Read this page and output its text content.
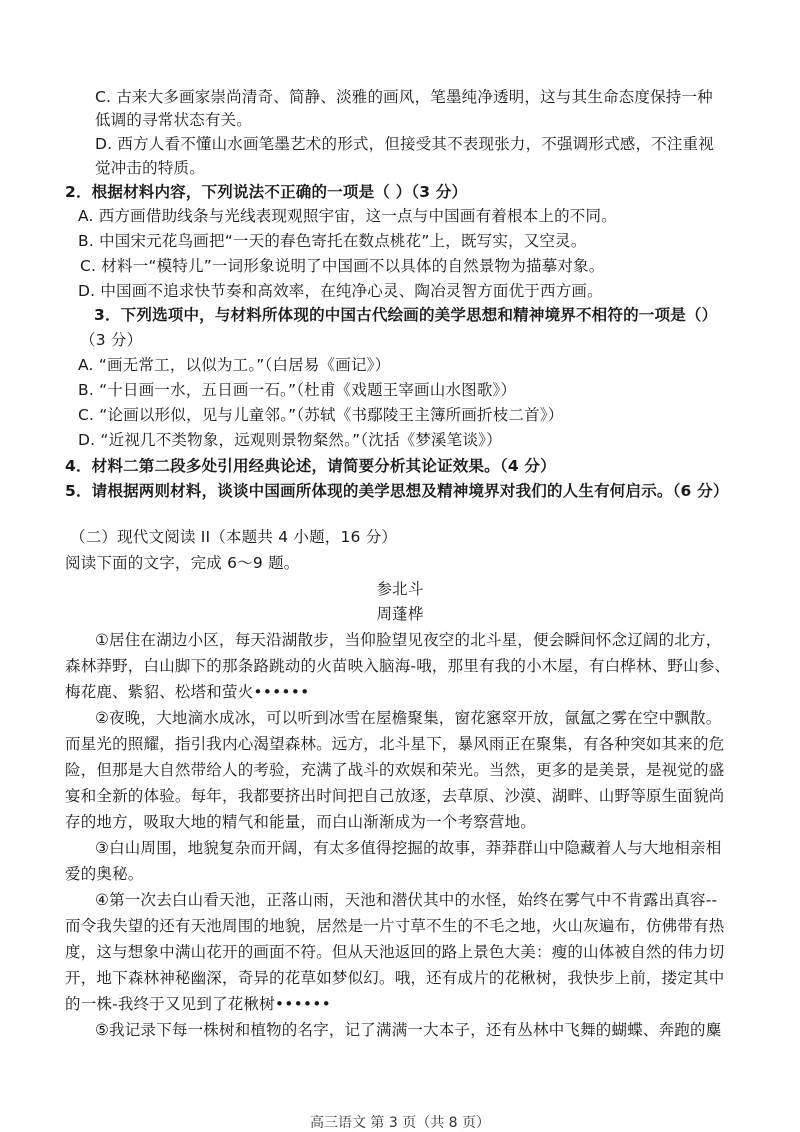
C. 古来大多画家崇尚清奇、简静、淡雅的画风，笔墨纯净透明，这与其生命态度保持一种
低调的寻常状态有关。
D. 西方人看不懂山水画笔墨艺术的形式，但接受其不表现张力，不强调形式感，不注重视
觉冲击的特质。
2．根据材料内容，下列说法不正确的一项是（ ）（3 分）
A. 西方画借助线条与光线表现观照宇宙，这一点与中国画有着根本上的不同。
B. 中国宋元花鸟画把“一天的春色寄托在数点桃花”上，既写实，又空灵。
C. 材料一“模特儿”一词形象说明了中国画不以具体的自然景物为描摹对象。
D. 中国画不追求快节奏和高效率，在纯净心灵、陶冶灵智方面优于西方画。
3．下列选项中，与材料所体现的中国古代绘画的美学思想和精神境界不相符的一项是（）
（3 分）
A. “画无常工，以似为工。”（白居易《画记》）
B. “十日画一水，五日画一石。”（杜甫《戏题王宰画山水图歌》）
C. “论画以形似，见与儿童邻。”（苏轼《书鄢陵王主簿所画折枝二首》）
D. “近视几不类物象，远观则景物粲然。”（沈括《梦溪笔谈》）
4．材料二第二段多处引用经典论述，请简要分析其论证效果。（4 分）
5．请根据两则材料，谈谈中国画所体现的美学思想及精神境界对我们的人生有何启示。（6 分）
（二）现代文阅读 II（本题共 4 小题，16 分）
阅读下面的文字，完成 6～9 题。
参北斗
周蓬桦
①居住在湖边小区，每天沿湖散步，当仰脸望见夜空的北斗星，便会瞬间怀念辽阔的北方，
森林莽野，白山脚下的那条路跳动的火苗映入脑海-哦，那里有我的小木屋，有白桦林、野山参、
梅花鹿、紫貂、松塔和萤火••••••
②夜晚，大地滴水成冰，可以听到冰雪在屋檐聚集，窗花窸窣开放，氤氲之雾在空中飘散。
而星光的照耀，指引我内心渴望森林。远方，北斗星下，暴风雨正在聚集，有各种突如其来的危
险，但那是大自然带给人的考验，充满了战斗的欢娱和荣光。当然，更多的是美景，是视觉的盛
宴和全新的体验。每年，我都要挤出时间把自己放逐，去草原、沙漠、湖畔、山野等原生面貌尚
存的地方，吸取大地的精气和能量，而白山渐渐成为一个考察营地。
③白山周围，地貌复杂而开阔，有太多值得挖掘的故事，莽莽群山中隐藏着人与大地相亲相
爱的奥秘。
④第一次去白山看天池，正落山雨，天池和潜伏其中的水怪，始终在雾气中不肯露出真容--
而令我失望的还有天池周围的地貌，居然是一片寸草不生的不毛之地，火山灰遍布，仿佛带有热
度，这与想象中满山花开的画面不符。但从天池返回的路上景色大美：瘦的山体被自然的伟力切
开，地下森林神秘幽深，奇异的花草如梦似幻。哦，还有成片的花楸树，我快步上前，搂定其中
的一株-我终于又见到了花楸树••••••
⑤我记录下每一株树和植物的名字，记了满满一大本子，还有丛林中飞舞的蝴蝶、奔跑的麋
高三语文 第 3 页（共 8 页）
